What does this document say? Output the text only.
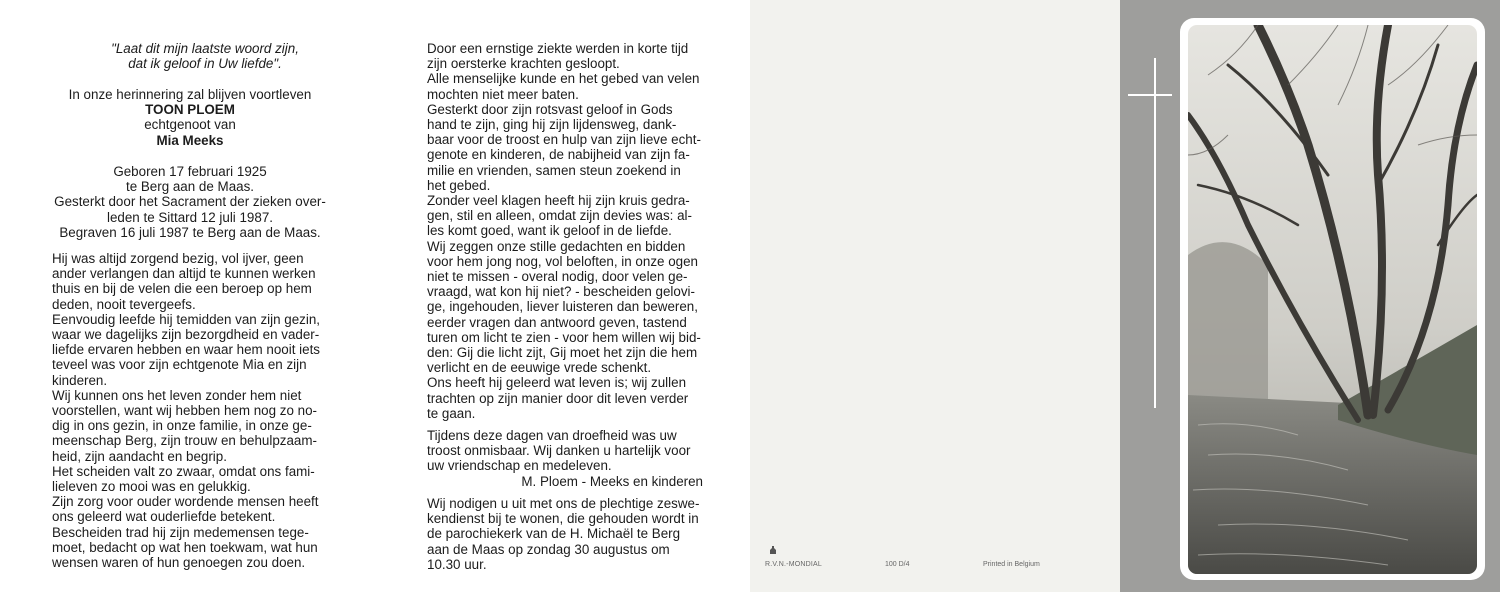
"Laat dit mijn laatste woord zijn,
dat ik geloof in Uw liefde".
In onze herinnering zal blijven voortleven
TOON PLOEM
echtgenoot van
Mia Meeks
Geboren 17 februari 1925
te Berg aan de Maas.
Gesterkt door het Sacrament der zieken over-
leden te Sittard 12 juli 1987.
Begraven 16 juli 1987 te Berg aan de Maas.
Hij was altijd zorgend bezig, vol ijver, geen
ander verlangen dan altijd te kunnen werken
thuis en bij de velen die een beroep op hem
deden, nooit tevergeefs.
Eenvoudig leefde hij temidden van zijn gezin,
waar we dagelijks zijn bezorgdheid en vader-
liefde ervaren hebben en waar hem nooit iets
teveel was voor zijn echtgenote Mia en zijn
kinderen.
Wij kunnen ons het leven zonder hem niet
voorstellen, want wij hebben hem nog zo no-
dig in ons gezin, in onze familie, in onze ge-
meenschap Berg, zijn trouw en behulpzaam-
heid, zijn aandacht en begrip.
Het scheiden valt zo zwaar, omdat ons fami-
lieleven zo mooi was en gelukkig.
Zijn zorg voor ouder wordende mensen heeft
ons geleerd wat ouderliefde betekent.
Bescheiden trad hij zijn medemensen tege-
moet, bedacht op wat hen toekwam, wat hun
wensen waren of hun genoegen zou doen.
Door een ernstige ziekte werden in korte tijd
zijn oersterke krachten gesloopt.
Alle menselijke kunde en het gebed van velen
mochten niet meer baten.
Gesterkt door zijn rotsvast geloof in Gods
hand te zijn, ging hij zijn lijdensweg, dank-
baar voor de troost en hulp van zijn lieve echt-
genote en kinderen, de nabijheid van zijn fa-
milie en vrienden, samen steun zoekend in
het gebed.
Zonder veel klagen heeft hij zijn kruis gedra-
gen, stil en alleen, omdat zijn devies was: al-
les komt goed, want ik geloof in de liefde.
Wij zeggen onze stille gedachten en bidden
voor hem jong nog, vol beloften, in onze ogen
niet te missen - overal nodig, door velen ge-
vraagd, wat kon hij niet? - bescheiden gelovi-
ge, ingehouden, liever luisteren dan beweren,
eerder vragen dan antwoord geven, tastend
turen om licht te zien - voor hem willen wij bid-
den: Gij die licht zijt, Gij moet het zijn die hem
verlicht en de eeuwige vrede schenkt.
Ons heeft hij geleerd wat leven is; wij zullen
trachten op zijn manier door dit leven verder
te gaan.
Tijdens deze dagen van droefheid was uw
troost onmisbaar. Wij danken u hartelijk voor
uw vriendschap en medeleven.
M. Ploem - Meeks en kinderen
Wij nodigen u uit met ons de plechtige zeswe-
kendienst bij te wonen, die gehouden wordt in
de parochiekerk van de H. Michaël te Berg
aan de Maas op zondag 30 augustus om
10.30 uur.	R.V.N.-MONDIAL	100 D/4	Printed in Belgium
